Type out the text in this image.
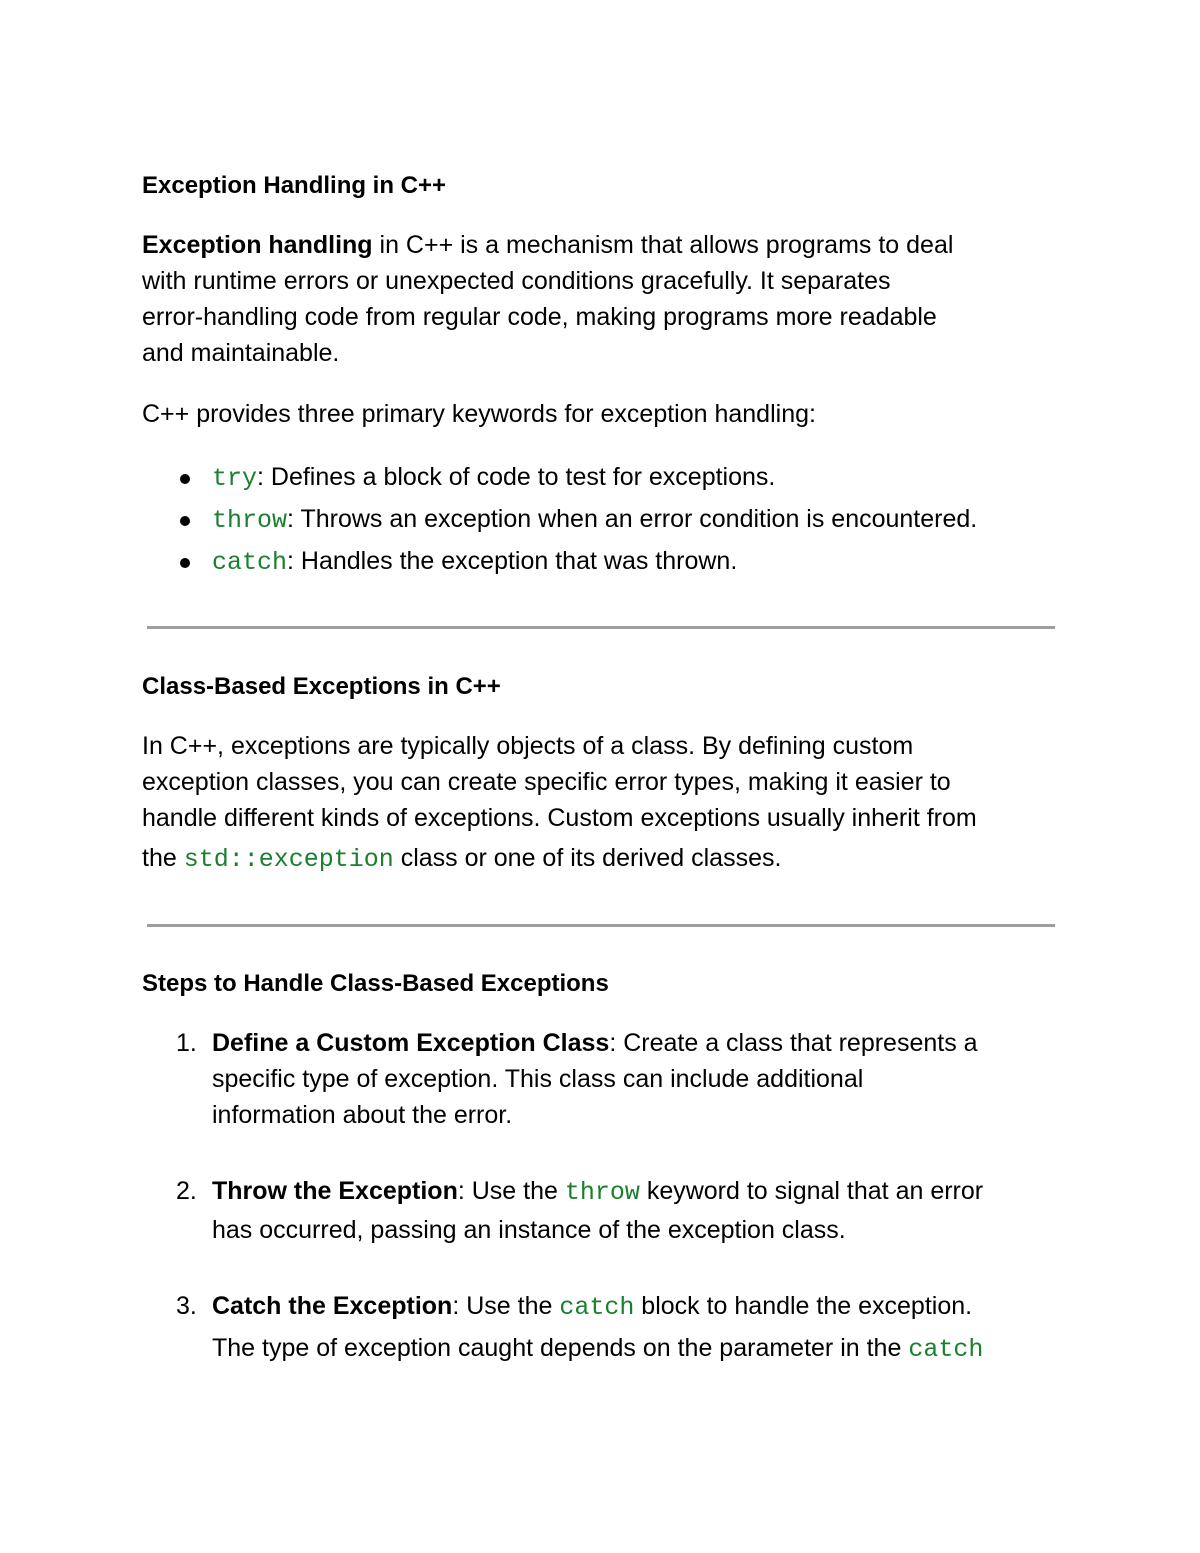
Exception Handling in C++
Exception handling in C++ is a mechanism that allows programs to deal
with runtime errors or unexpected conditions gracefully. It separates
error-handling code from regular code, making programs more readable
and maintainable.
C++ provides three primary keywords for exception handling:
try: Defines a block of code to test for exceptions.
throw: Throws an exception when an error condition is encountered.
catch: Handles the exception that was thrown.
Class-Based Exceptions in C++
In C++, exceptions are typically objects of a class. By defining custom
exception classes, you can create specific error types, making it easier to
handle different kinds of exceptions. Custom exceptions usually inherit from
the std::exception class or one of its derived classes.
Steps to Handle Class-Based Exceptions
1. Define a Custom Exception Class: Create a class that represents a
specific type of exception. This class can include additional
information about the error.
2. Throw the Exception: Use the throw keyword to signal that an error
has occurred, passing an instance of the exception class.
3. Catch the Exception: Use the catch block to handle the exception.
The type of exception caught depends on the parameter in the catch
